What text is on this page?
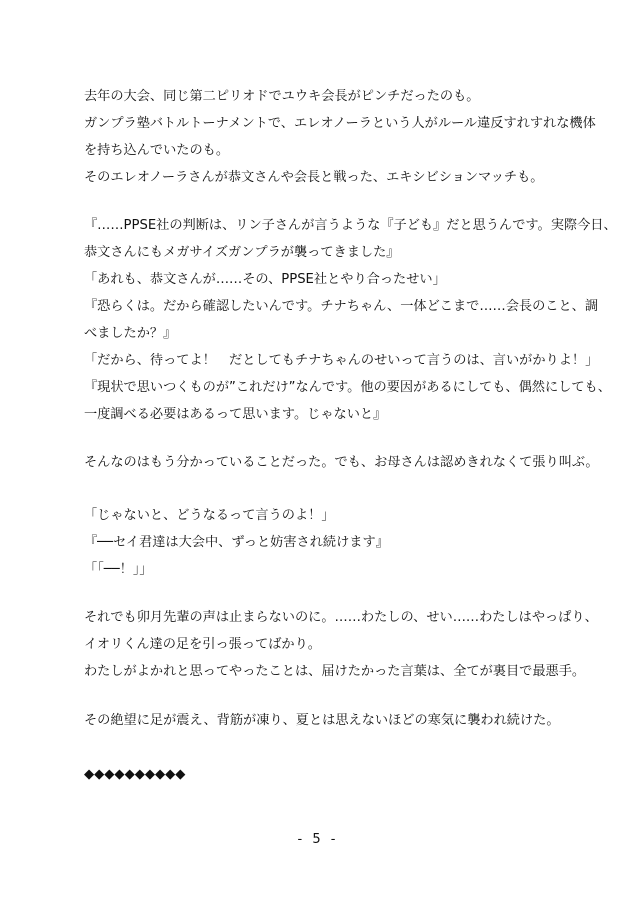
去年の大会、同じ第二ピリオドでユウキ会長がピンチだったのも。
ガンプラ塾バトルトーナメントで、エレオノーラという人がルール違反すれすれな機体
を持ち込んでいたのも。
そのエレオノーラさんが恭文さんや会長と戦った、エキシビションマッチも。
『……PPSE社の判断は、リン子さんが言うような『子ども』だと思うんです。実際今日、
恭文さんにもメガサイズガンプラが襲ってきました』
「あれも、恭文さんが……その、PPSE社とやり合ったせい」
『恐らくは。だから確認したいんです。チナちゃん、一体どこまで……会長のこと、調
べましたか？』
「だから、待ってよ！　だとしてもチナちゃんのせいって言うのは、言いがかりよ！」
『現状で思いつくものが”これだけ”なんです。他の要因があるにしても、偶然にしても、
一度調べる必要はあるって思います。じゃないと』
そんなのはもう分かっていることだった。でも、お母さんは認めきれなくて張り叫ぶ。
「じゃないと、どうなるって言うのよ！」
『──セイ君達は大会中、ずっと妨害され続けます』
「「──！」」
それでも卯月先輩の声は止まらないのに。……わたしの、せい……わたしはやっぱり、
イオリくん達の足を引っ張ってばかり。
わたしがよかれと思ってやったことは、届けたかった言葉は、全てが裏目で最悪手。
その絶望に足が震え、背筋が凍り、夏とは思えないほどの寒気に襲われ続けた。
◆◆◆◆◆◆◆◆◆◆
- 5 -
